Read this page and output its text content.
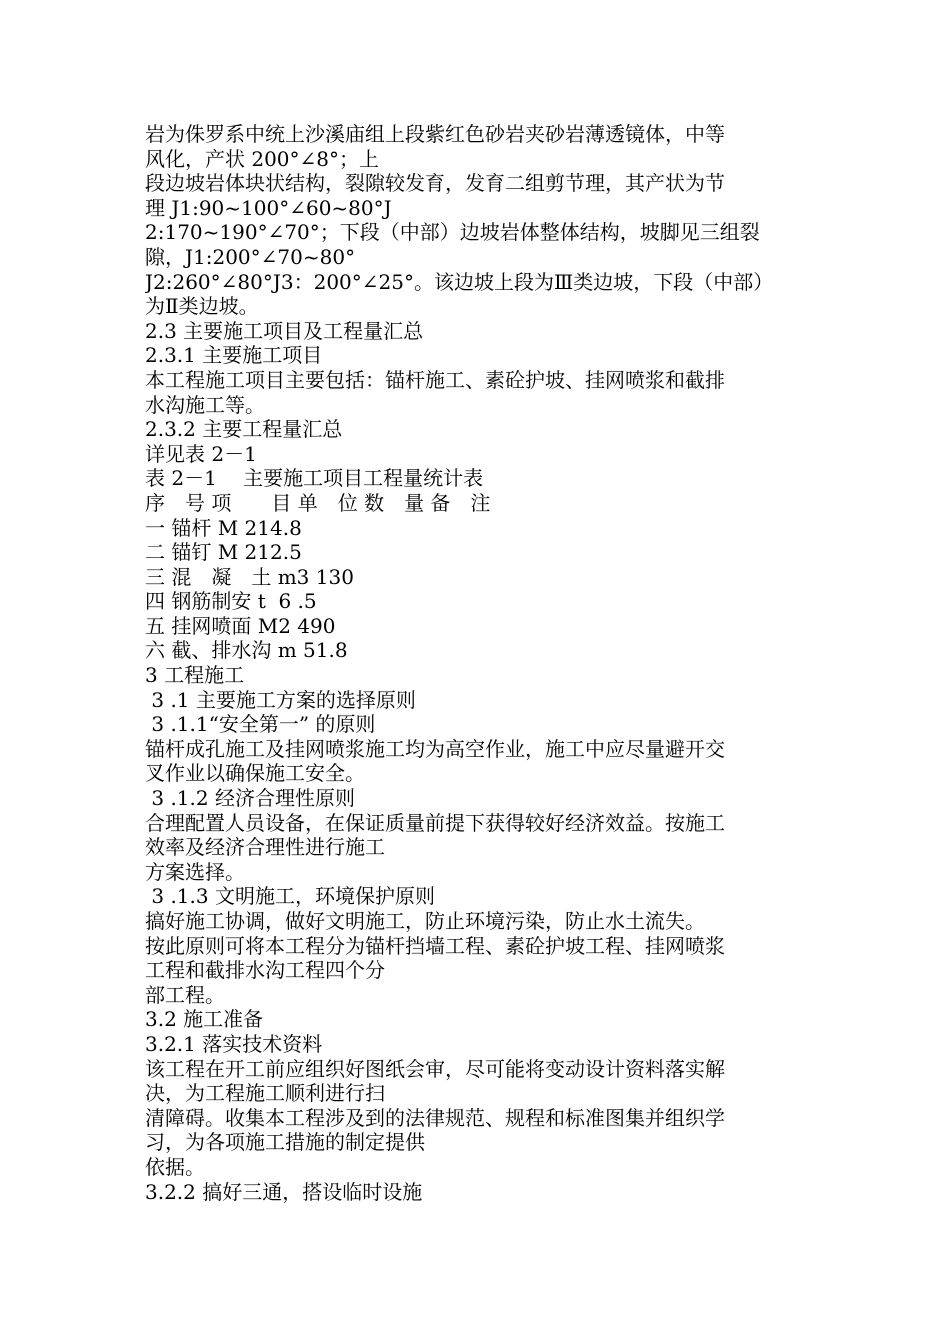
岩为侏罗系中统上沙溪庙组上段紫红色砂岩夹砂岩薄透镜体，中等
风化，产状 200°∠8°；上
段边坡岩体块状结构，裂隙较发育，发育二组剪节理，其产状为节
理 J1:90~100°∠60~80°J
2:170~190°∠70°；下段（中部）边坡岩体整体结构，坡脚见三组裂
隙，J1:200°∠70~80°
J2:260°∠80°J3：200°∠25°。该边坡上段为Ⅲ类边坡，下段（中部）
为Ⅱ类边坡。
2.3 主要施工项目及工程量汇总
2.3.1 主要施工项目
本工程施工项目主要包括：锚杆施工、素砼护坡、挂网喷浆和截排
水沟施工等。
2.3.2 主要工程量汇总
详见表 2－1
表 2－1　 主要施工项目工程量统计表
序　号 项　　目 单　位 数　量 备　注
一 锚杆 M 214.8
二 锚钉 M 212.5
三 混　凝　土 m3 130
四 钢筋制安 t  6 .5
五 挂网喷面 M2 490
六 截、排水沟 m 51.8
3 工程施工
3 .1 主要施工方案的选择原则
3 .1.1“安全第一” 的原则
锚杆成孔施工及挂网喷浆施工均为高空作业，施工中应尽量避开交
叉作业以确保施工安全。
3 .1.2 经济合理性原则
合理配置人员设备，在保证质量前提下获得较好经济效益。按施工
效率及经济合理性进行施工
方案选择。
3 .1.3 文明施工，环境保护原则
搞好施工协调，做好文明施工，防止环境污染，防止水土流失。
按此原则可将本工程分为锚杆挡墙工程、素砼护坡工程、挂网喷浆
工程和截排水沟工程四个分
部工程。
3.2 施工准备
3.2.1 落实技术资料
该工程在开工前应组织好图纸会审，尽可能将变动设计资料落实解
决，为工程施工顺利进行扫
清障碍。收集本工程涉及到的法律规范、规程和标准图集并组织学
习，为各项施工措施的制定提供
依据。
3.2.2 搞好三通，搭设临时设施
